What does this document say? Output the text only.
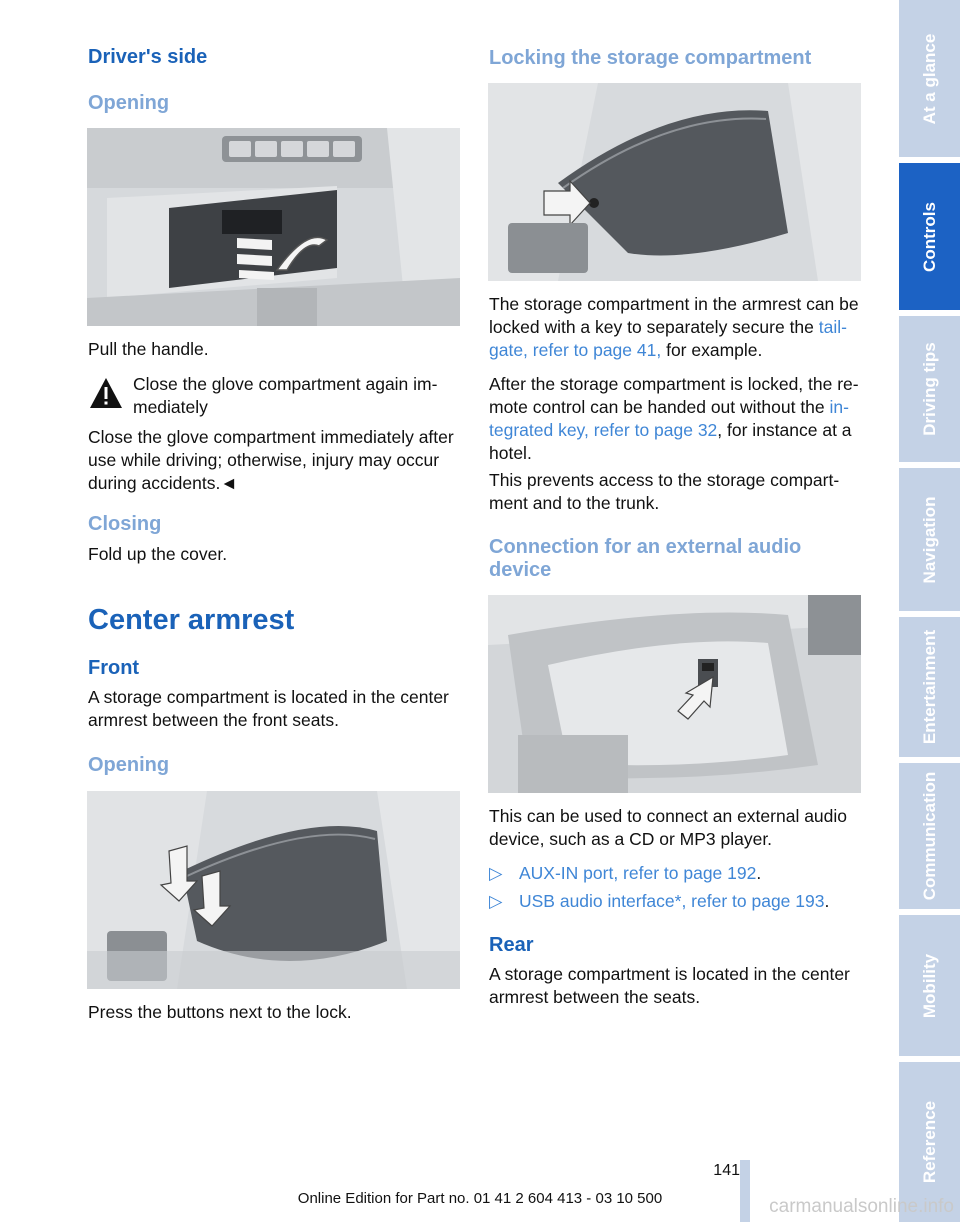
Driver's side
Opening
Pull the handle.
Close the glove compartment again im-
mediately
Close the glove compartment immediately after
use while driving; otherwise, injury may occur
during accidents.◄
Closing
Fold up the cover.
Center armrest
Front
A storage compartment is located in the center
armrest between the front seats.
Opening
Press the buttons next to the lock.
Locking the storage compartment
The storage compartment in the armrest can be
locked with a key to separately secure the tail-
gate, refer to page 41, for example.
After the storage compartment is locked, the re-
mote control can be handed out without the in-
tegrated key, refer to page 32, for instance at a
hotel.
This prevents access to the storage compart-
ment and to the trunk.
Connection for an external audio
device
This can be used to connect an external audio
device, such as a CD or MP3 player.
▷ AUX-IN port, refer to page 192.
▷ USB audio interface*, refer to page 193.
Rear
A storage compartment is located in the center
armrest between the seats.
At a glance
Controls
Driving tips
Navigation
Entertainment
Communication
Mobility
Reference
141
Online Edition for Part no. 01 41 2 604 413 - 03 10 500	carmanualsonline.info
